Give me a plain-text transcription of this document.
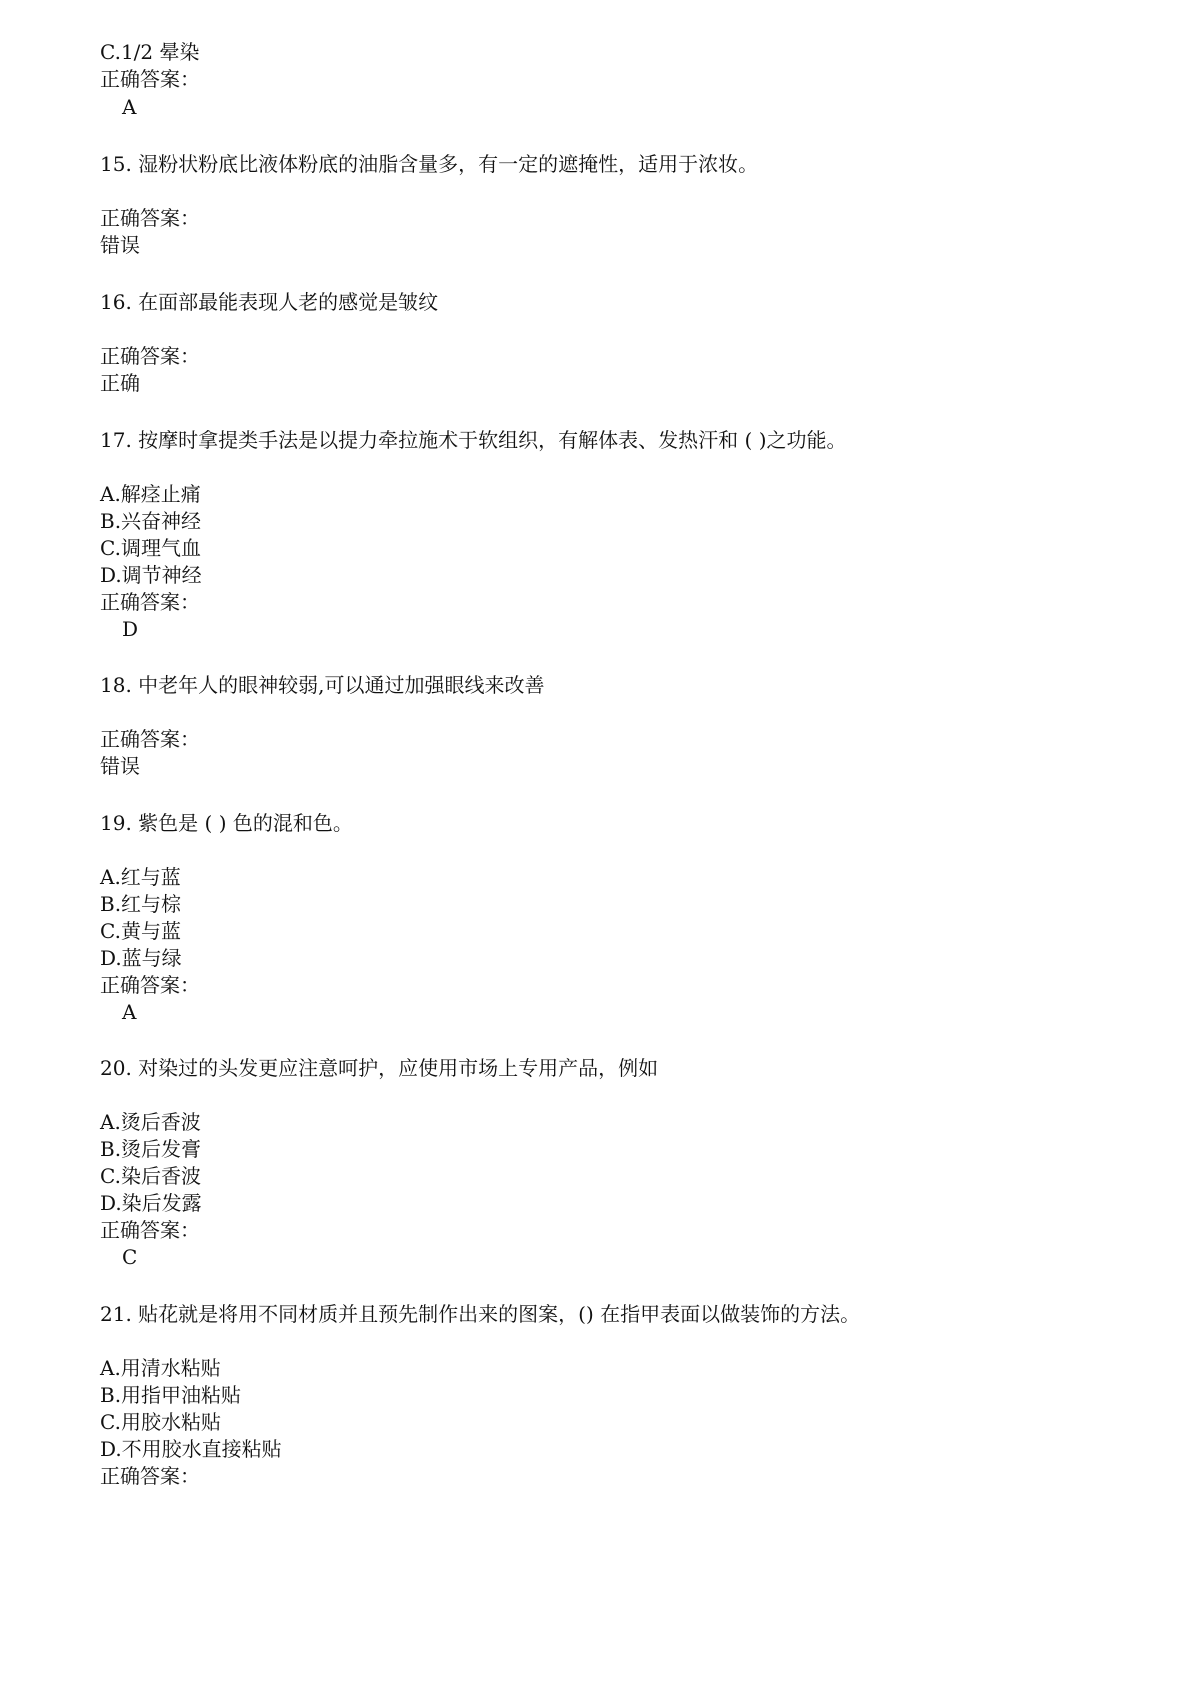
C.1/2 晕染
正确答案：
A
15. 湿粉状粉底比液体粉底的油脂含量多，有一定的遮掩性，适用于浓妆。
正确答案：
错误
16. 在面部最能表现人老的感觉是皱纹
正确答案：
正确
17. 按摩时拿提类手法是以提力牵拉施术于软组织，有解体表、发热汗和 ( )之功能。
A.解痉止痛
B.兴奋神经
C.调理气血
D.调节神经
正确答案：
D
18. 中老年人的眼神较弱,可以通过加强眼线来改善
正确答案：
错误
19. 紫色是 ( ) 色的混和色。
A.红与蓝
B.红与棕
C.黄与蓝
D.蓝与绿
正确答案：
A
20. 对染过的头发更应注意呵护，应使用市场上专用产品，例如
A.烫后香波
B.烫后发膏
C.染后香波
D.染后发露
正确答案：
C
21. 贴花就是将用不同材质并且预先制作出来的图案，() 在指甲表面以做装饰的方法。
A.用清水粘贴
B.用指甲油粘贴
C.用胶水粘贴
D.不用胶水直接粘贴
正确答案：
